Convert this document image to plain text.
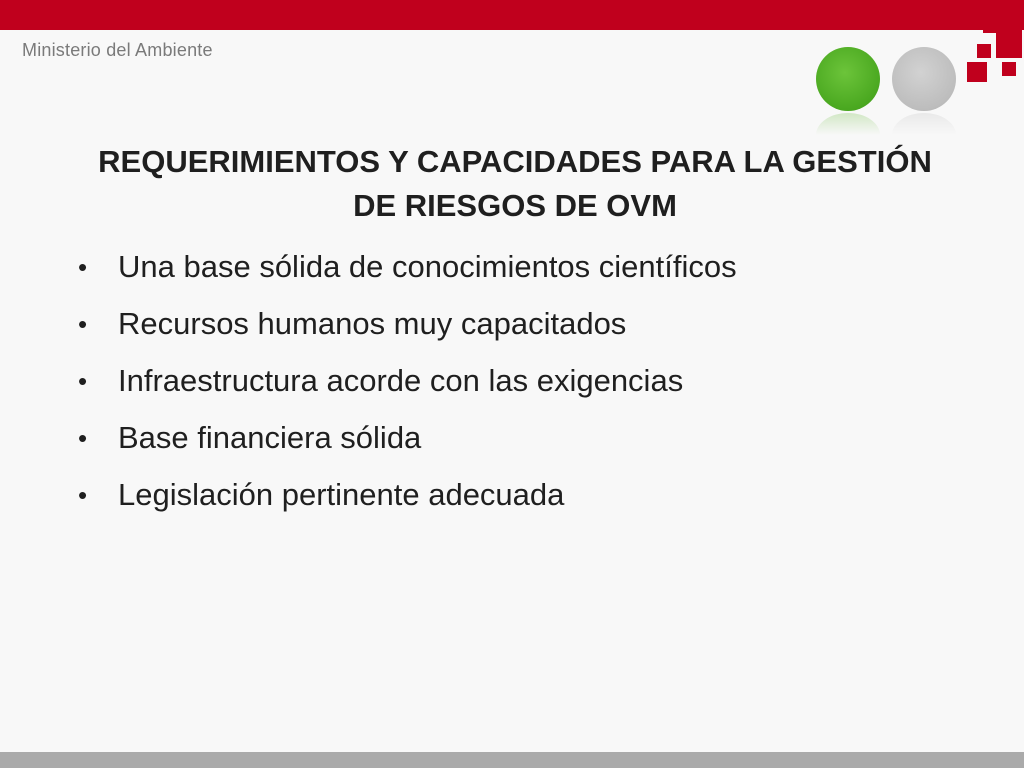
Ministerio del Ambiente
REQUERIMIENTOS Y CAPACIDADES PARA LA GESTIÓN
DE RIESGOS DE OVM
• Una base sólida de conocimientos científicos
• Recursos humanos muy capacitados
• Infraestructura acorde con las exigencias
• Base financiera sólida
• Legislación pertinente adecuada
